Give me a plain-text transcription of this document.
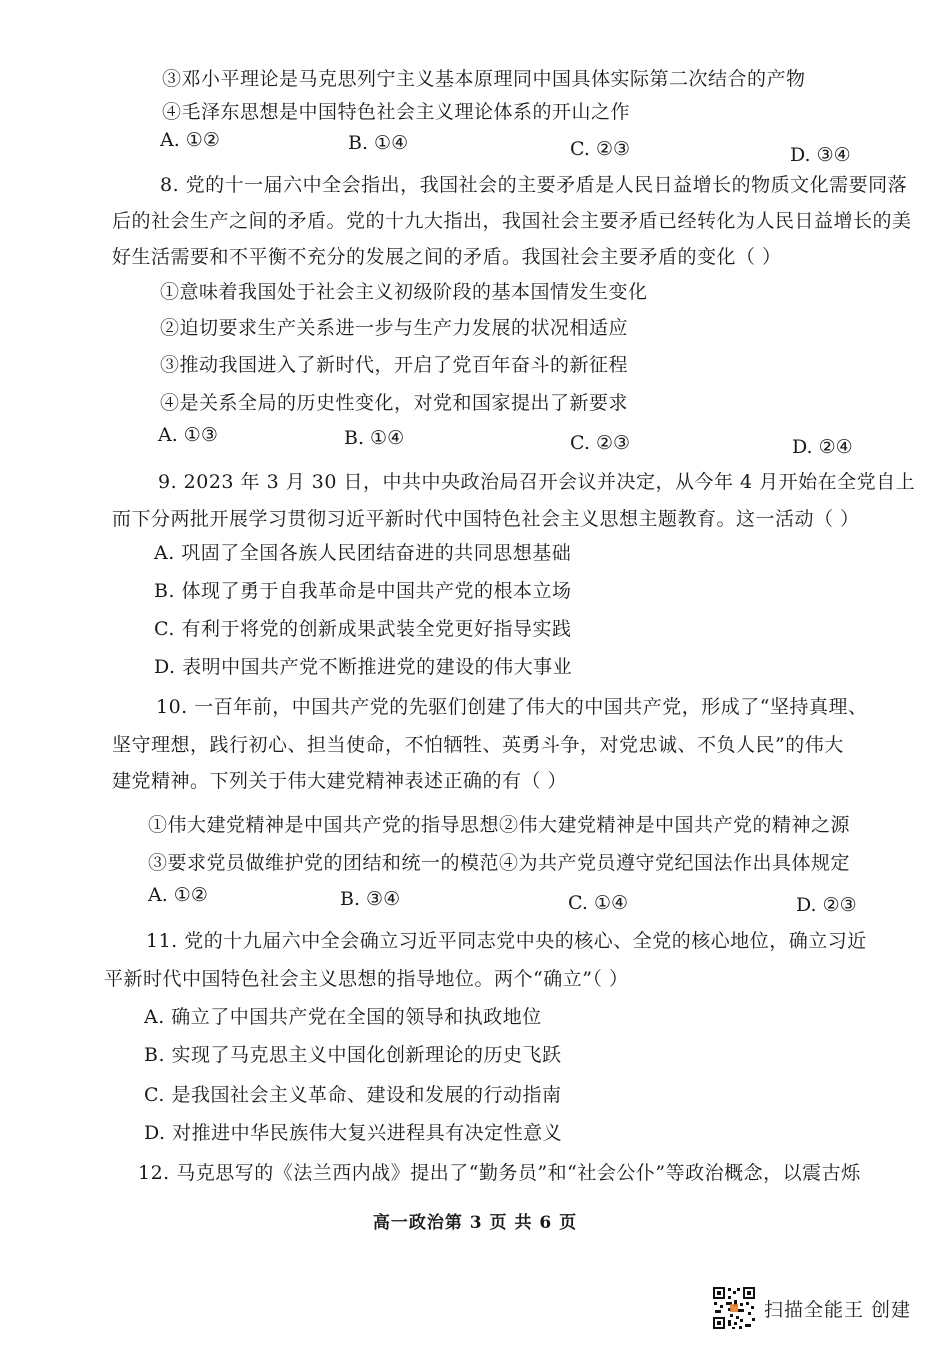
③邓小平理论是马克思列宁主义基本原理同中国具体实际第二次结合的产物
④毛泽东思想是中国特色社会主义理论体系的开山之作
A. ①②	B. ①④	C. ②③	D. ③④
8. 党的十一届六中全会指出，我国社会的主要矛盾是人民日益增长的物质文化需要同落
后的社会生产之间的矛盾。党的十九大指出，我国社会主要矛盾已经转化为人民日益增长的美
好生活需要和不平衡不充分的发展之间的矛盾。我国社会主要矛盾的变化（ ）
①意味着我国处于社会主义初级阶段的基本国情发生变化
②迫切要求生产关系进一步与生产力发展的状况相适应
③推动我国进入了新时代，开启了党百年奋斗的新征程
④是关系全局的历史性变化，对党和国家提出了新要求
A. ①③	B. ①④	C. ②③	D. ②④
9. 2023 年 3 月 30 日，中共中央政治局召开会议并决定，从今年 4 月开始在全党自上
而下分两批开展学习贯彻习近平新时代中国特色社会主义思想主题教育。这一活动（ ）
A. 巩固了全国各族人民团结奋进的共同思想基础
B. 体现了勇于自我革命是中国共产党的根本立场
C. 有利于将党的创新成果武装全党更好指导实践
D. 表明中国共产党不断推进党的建设的伟大事业
10. 一百年前，中国共产党的先驱们创建了伟大的中国共产党，形成了“坚持真理、
坚守理想，践行初心、担当使命，不怕牺牲、英勇斗争，对党忠诚、不负人民”的伟大
建党精神。下列关于伟大建党精神表述正确的有（ ）
①伟大建党精神是中国共产党的指导思想②伟大建党精神是中国共产党的精神之源
③要求党员做维护党的团结和统一的模范④为共产党员遵守党纪国法作出具体规定
A. ①②	B. ③④	C. ①④	D. ②③
11. 党的十九届六中全会确立习近平同志党中央的核心、全党的核心地位，确立习近
平新时代中国特色社会主义思想的指导地位。两个“确立”（ ）
A. 确立了中国共产党在全国的领导和执政地位
B. 实现了马克思主义中国化创新理论的历史飞跃
C. 是我国社会主义革命、建设和发展的行动指南
D. 对推进中华民族伟大复兴进程具有决定性意义
12. 马克思写的《法兰西内战》提出了“勤务员”和“社会公仆”等政治概念，以震古烁
高一政治第 3 页 共 6 页
扫描全能王 创建
